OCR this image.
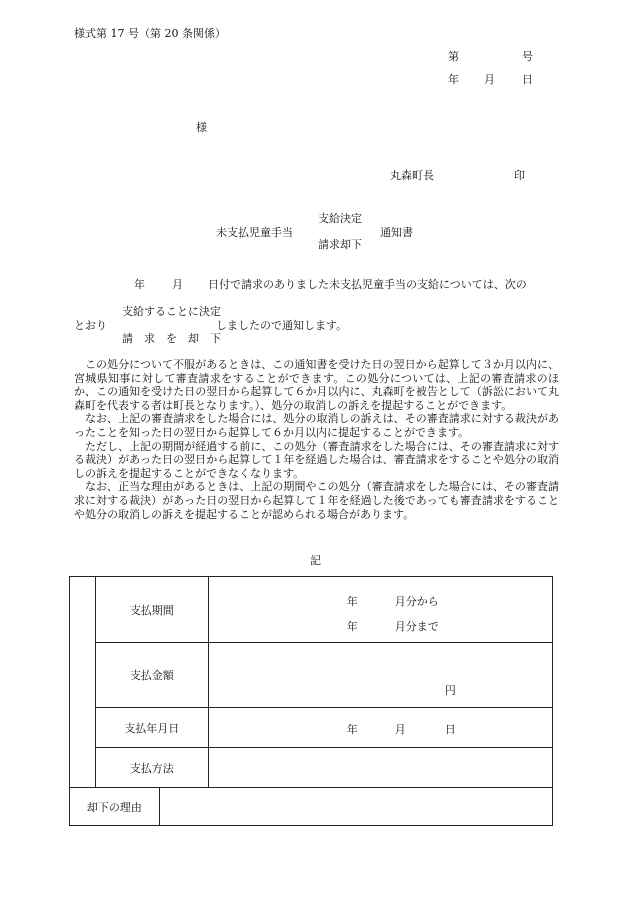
様式第 17 号（第 20 条関係）
第	号
年 月 日
様
丸森町長	印
支給決定
未支払児童手当	通知書
請求却下
年 月 日付で請求のありました未支払児童手当の支給については、次の
支給することに決定
とおり	しましたので通知します。
請　求　を　却　下

この処分について不服があるときは、この通知書を受けた日の翌日から起算して３か月以内に、宮城県知事に対して審査請求をすることができます。この処分については、上記の審査請求のほか、この通知を受けた日の翌日から起算して６か月以内に、丸森町を被告として（訴訟において丸森町を代表する者は町長となります。）、処分の取消しの訴えを提起することができます。

なお、上記の審査請求をした場合には、処分の取消しの訴えは、その審査請求に対する裁決があったことを知った日の翌日から起算して６か月以内に提起することができます。

ただし、上記の期間が経過する前に、この処分（審査請求をした場合には、その審査請求に対する裁決）があった日の翌日から起算して１年を経過した場合は、審査請求をすることや処分の取消しの訴えを提起することができなくなります。

なお、正当な理由があるときは、上記の期間やこの処分（審査請求をした場合には、その審査請求に対する裁決）があった日の翌日から起算して１年を経過した後であっても審査請求をすることや処分の取消しの訴えを提起することが認められる場合があります。

記
	支払期間		年 月分から
年 月分まで

	支払金額		円

	支払年月日		年 月 日

	支払方法		
却下の理由			
